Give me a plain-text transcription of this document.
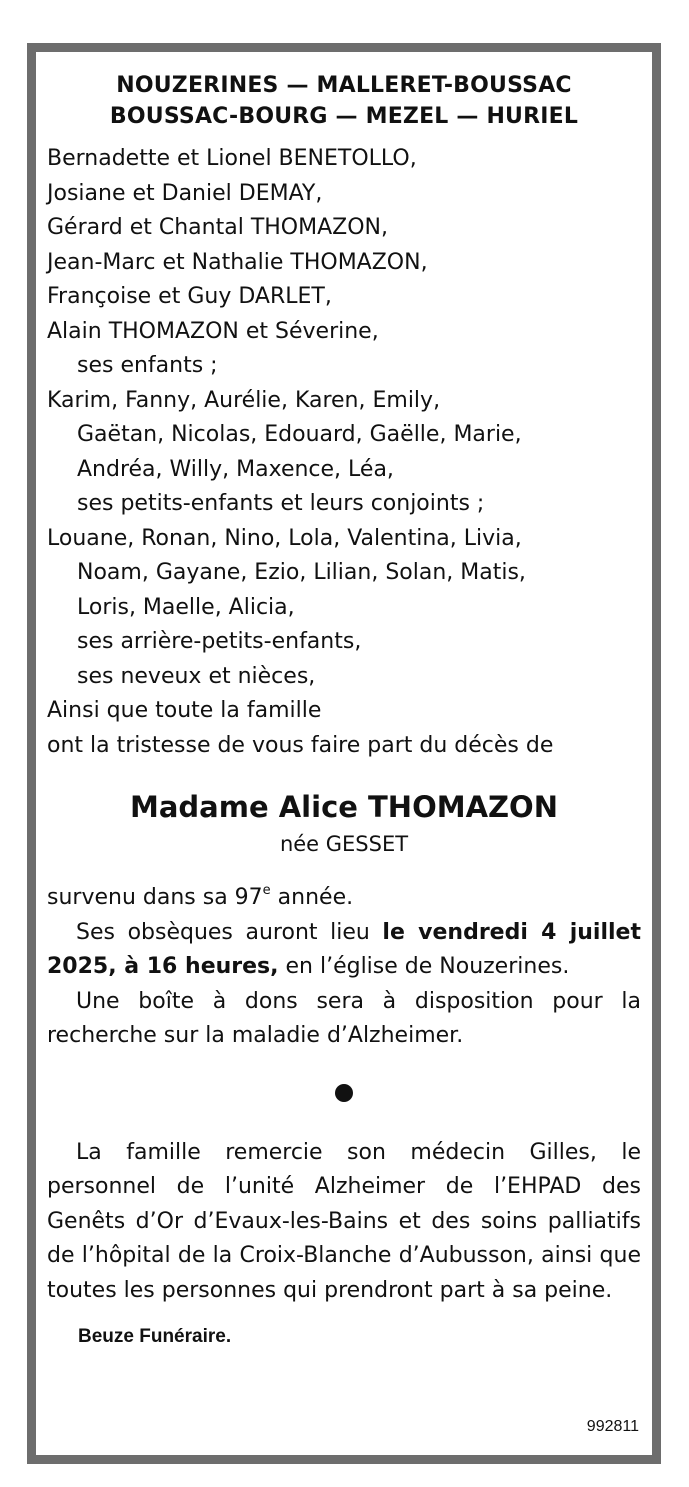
NOUZERINES — MALLERET-BOUSSAC
BOUSSAC-BOURG — MEZEL — HURIEL
Bernadette et Lionel BENETOLLO,
Josiane et Daniel DEMAY,
Gérard et Chantal THOMAZON,
Jean-Marc et Nathalie THOMAZON,
Françoise et Guy DARLET,
Alain THOMAZON et Séverine,
ses enfants ;
Karim, Fanny, Aurélie, Karen, Emily,
Gaëtan, Nicolas, Edouard, Gaëlle, Marie,
Andréa, Willy, Maxence, Léa,
ses petits-enfants et leurs conjoints ;
Louane, Ronan, Nino, Lola, Valentina, Livia,
Noam, Gayane, Ezio, Lilian, Solan, Matis,
Loris, Maelle, Alicia,
ses arrière-petits-enfants,
ses neveux et nièces,
Ainsi que toute la famille
ont la tristesse de vous faire part du décès de
Madame Alice THOMAZON
née GESSET

survenu dans sa 97e année.

Ses obsèques auront lieu le vendredi 4 juillet 2025, à 16 heures, en l’église de Nouzerines.

Une boîte à dons sera à disposition pour la recherche sur la maladie d’Alzheimer.

La famille remercie son médecin Gilles, le personnel de l’unité Alzheimer de l’EHPAD des Genêts d’Or d’Evaux-les-Bains et des soins palliatifs de l’hôpital de la Croix-Blanche d’Aubusson, ainsi que toutes les personnes qui prendront part à sa peine.

Beuze Funéraire.
992811
